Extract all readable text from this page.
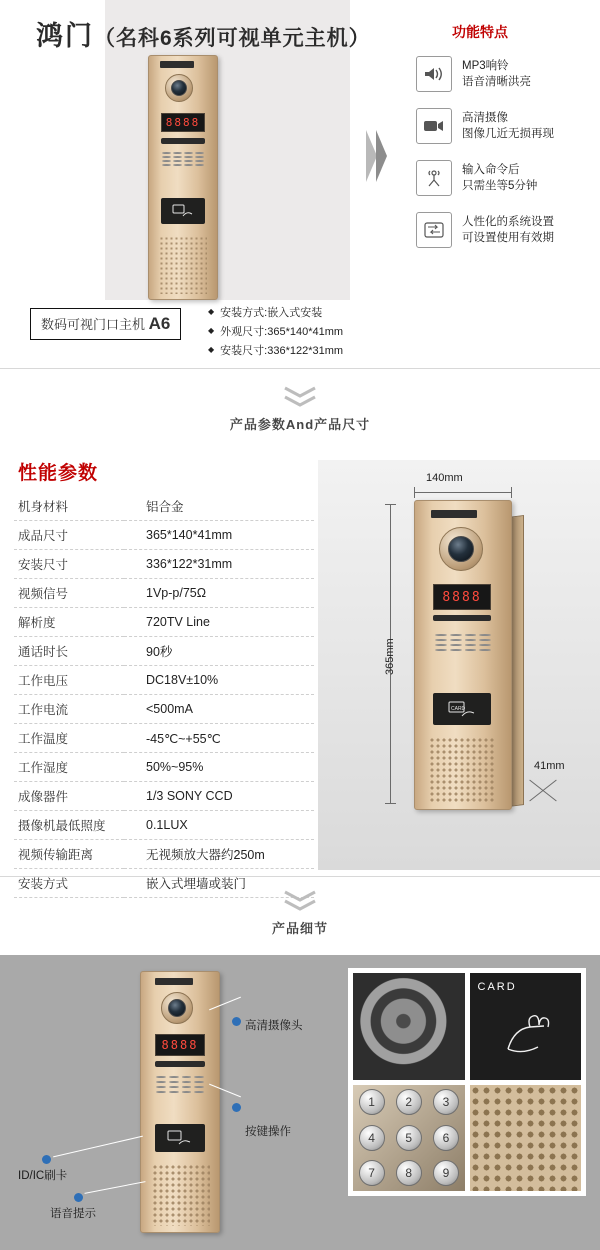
鸿门（名科6系列可视单元主机）
8888
数码可视门口主机 A6
◆ 安装方式:嵌入式安装
◆ 外观尺寸:365*140*41mm
◆ 安装尺寸:336*122*31mm
功能特点
MP3响铃
语音清晰洪亮
高清摄像
图像几近无损再现
输入命令后
只需坐等5分钟
人性化的系统设置
可设置使用有效期
产品参数And产品尺寸
性能参数
机身材料	铝合金
成品尺寸	365*140*41mm
安装尺寸	336*122*31mm
视频信号	1Vp-p/75Ω
解析度	720TV Line
通话时长	90秒
工作电压	DC18V±10%
工作电流	<500mA
工作温度	-45℃~+55℃
工作湿度	50%~95%
成像器件	1/3 SONY CCD
摄像机最低照度	0.1LUX
视频传输距离	无视频放大器约250m
安装方式	嵌入式埋墙或装门
140mm
365mm
41mm
8888
CARD
产品细节
8888
高清摄像头
按键操作
ID/IC刷卡
语音提示
CARD
1	2	3
4	5	6
7	8	9
